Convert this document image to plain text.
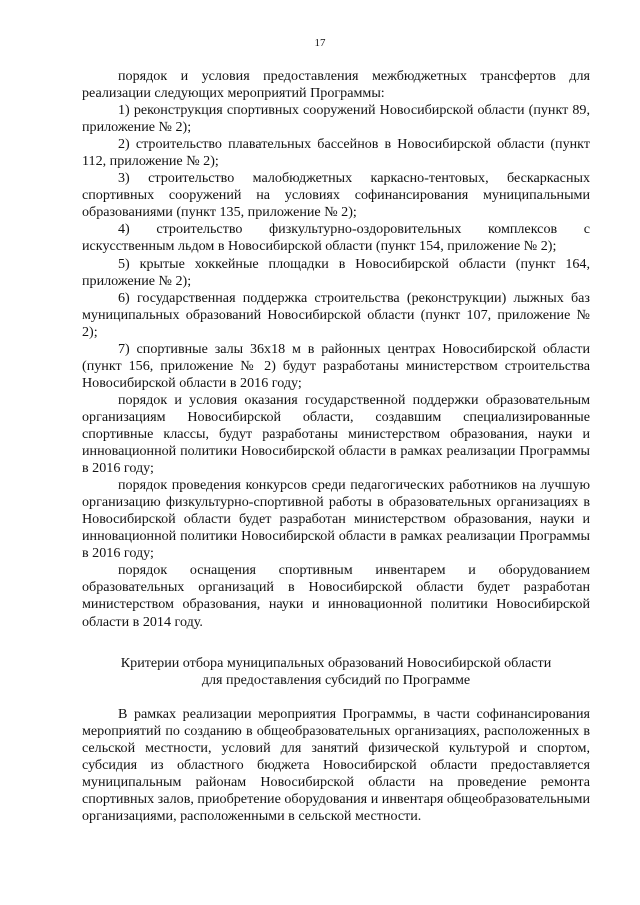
17

порядок и условия предоставления межбюджетных трансфертов для реализации следующих мероприятий Программы:

1) реконструкция спортивных сооружений Новосибирской области (пункт 89, приложение № 2);

2) строительство плавательных бассейнов в Новосибирской области (пункт 112, приложение № 2);

3) строительство малобюджетных каркасно-тентовых, бескаркасных спортивных сооружений на условиях софинансирования муниципальными образованиями (пункт 135, приложение № 2);

4) строительство физкультурно-оздоровительных комплексов с искусственным льдом в Новосибирской области (пункт 154, приложение № 2);

5) крытые хоккейные площадки в Новосибирской области (пункт 164, приложение № 2);

6) государственная поддержка строительства (реконструкции) лыжных баз муниципальных образований Новосибирской области (пункт 107, приложение № 2);

7) спортивные залы 36х18 м в районных центрах Новосибирской области (пункт 156, приложение № 2) будут разработаны министерством строительства Новосибирской области в 2016 году;

порядок и условия оказания государственной поддержки образовательным организациям Новосибирской области, создавшим специализированные спортивные классы, будут разработаны министерством образования, науки и инновационной политики Новосибирской области в рамках реализации Программы в 2016 году;

порядок проведения конкурсов среди педагогических работников на лучшую организацию физкультурно-спортивной работы в образовательных организациях в Новосибирской области будет разработан министерством образования, науки и инновационной политики Новосибирской области в рамках реализации Программы в 2016 году;

порядок оснащения спортивным инвентарем и оборудованием образовательных организаций в Новосибирской области будет разработан министерством образования, науки и инновационной политики Новосибирской области в 2014 году.

Критерии отбора муниципальных образований Новосибирской области
для предоставления субсидий по Программе

В рамках реализации мероприятия Программы, в части софинансирования мероприятий по созданию в общеобразовательных организациях, расположенных в сельской местности, условий для занятий физической культурой и спортом, субсидия из областного бюджета Новосибирской области предоставляется муниципальным районам Новосибирской области на проведение ремонта спортивных залов, приобретение оборудования и инвентаря общеобразовательными организациями, расположенными в сельской местности.
